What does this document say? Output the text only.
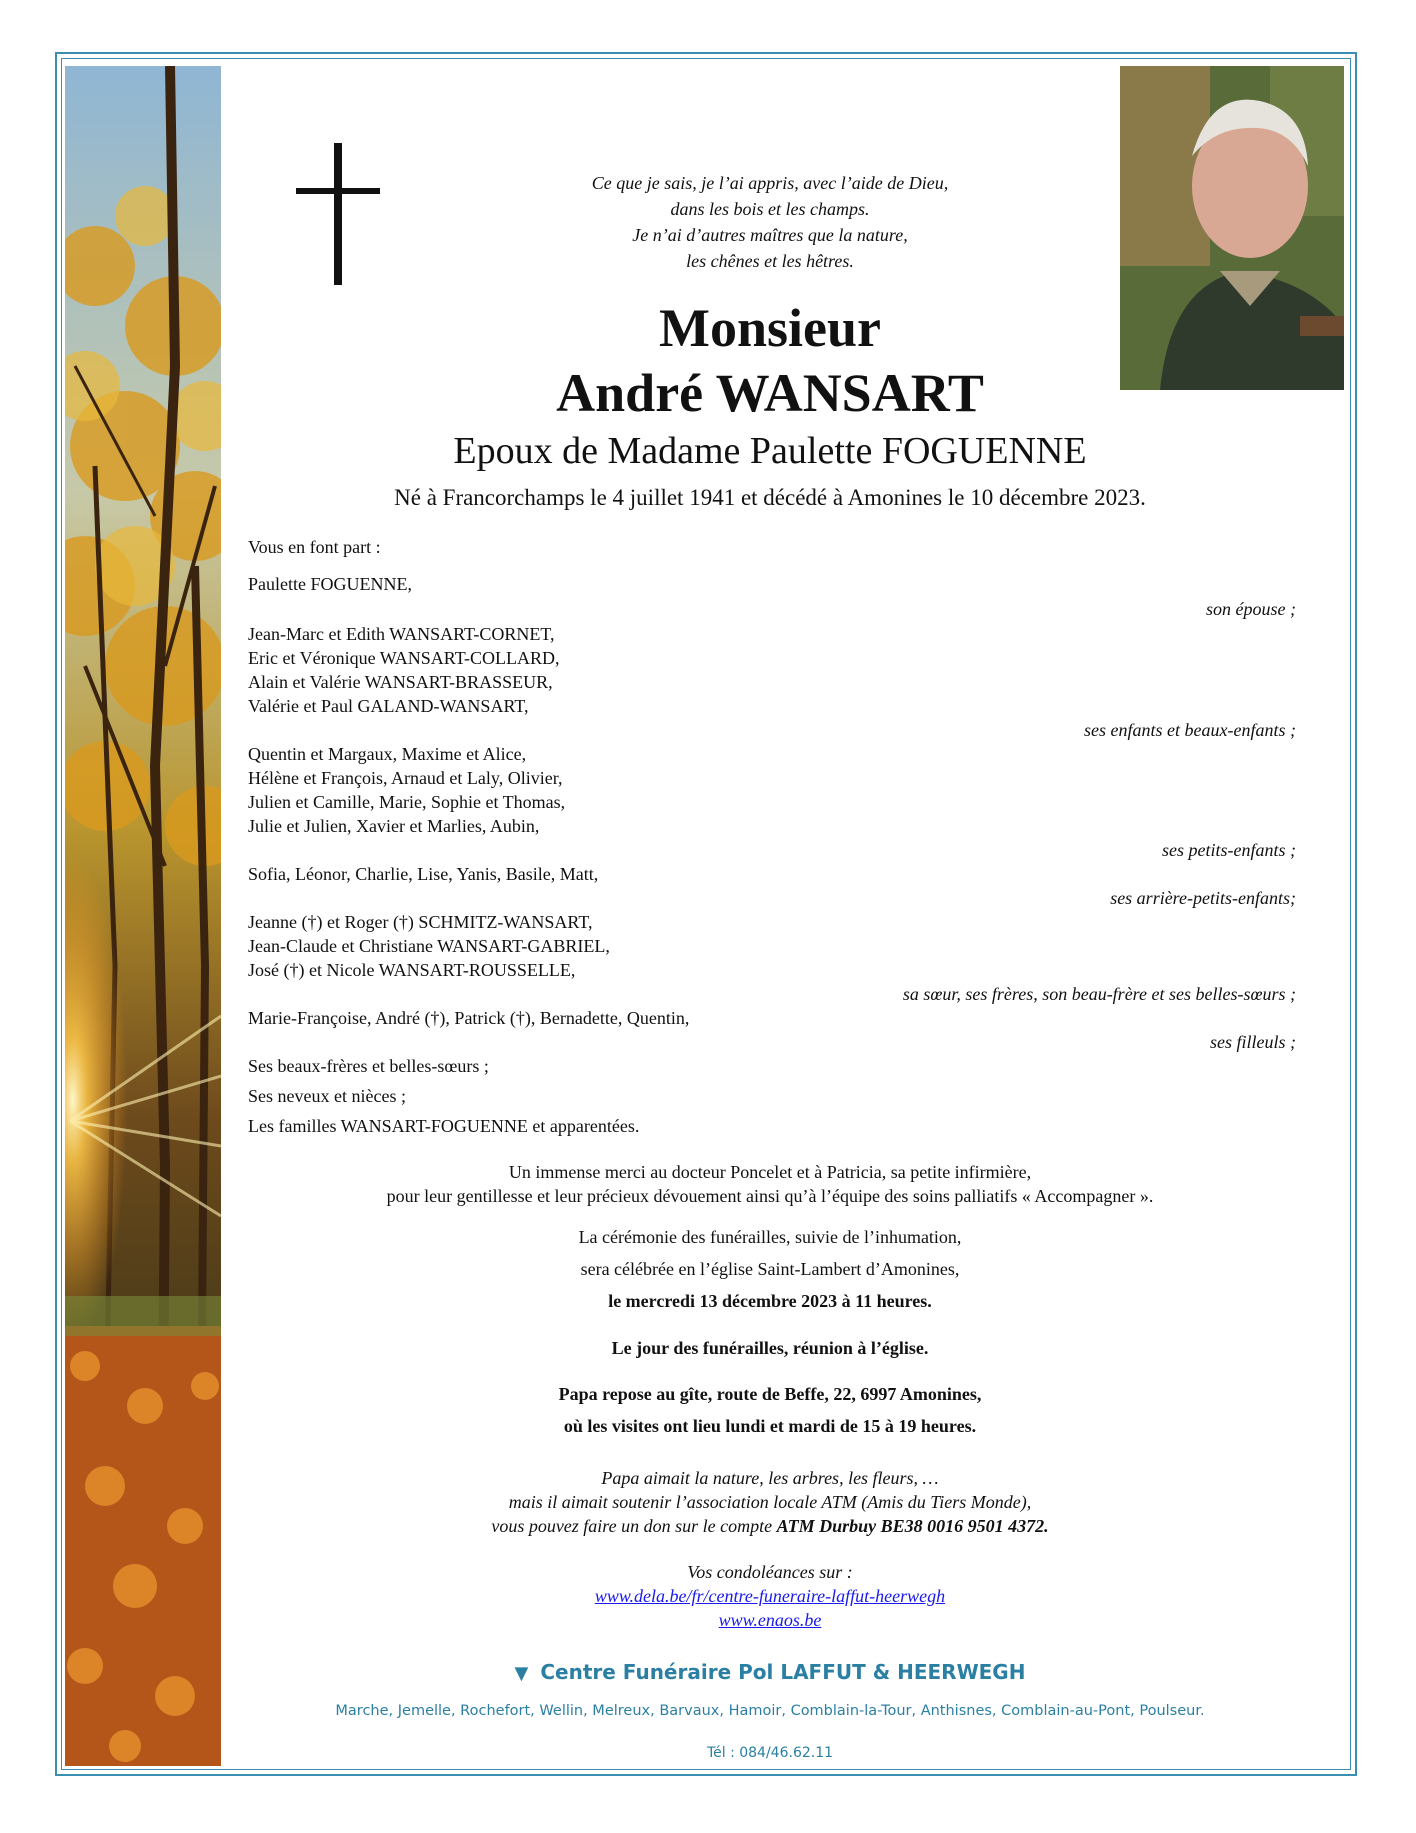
Ce que je sais, je l’ai appris, avec l’aide de Dieu,
dans les bois et les champs.
Je n’ai d’autres maîtres que la nature,
les chênes et les hêtres.
Monsieur
André WANSART
Epoux de Madame Paulette FOGUENNE
Né à Francorchamps le 4 juillet 1941 et décédé à Amonines le 10 décembre 2023.
Vous en font part :
Paulette FOGUENNE,
son épouse ;
Jean-Marc et Edith WANSART-CORNET,
Eric et Véronique WANSART-COLLARD,
Alain et Valérie WANSART-BRASSEUR,
Valérie et Paul GALAND-WANSART,
ses enfants et beaux-enfants ;
Quentin et Margaux, Maxime et Alice,
Hélène et François, Arnaud et Laly, Olivier,
Julien et Camille, Marie, Sophie et Thomas,
Julie et Julien, Xavier et Marlies, Aubin,
ses petits-enfants ;
Sofia, Léonor, Charlie, Lise, Yanis, Basile, Matt,
ses arrière-petits-enfants;
Jeanne (†) et Roger (†) SCHMITZ-WANSART,
Jean-Claude et Christiane WANSART-GABRIEL,
José (†) et Nicole WANSART-ROUSSELLE,
sa sœur, ses frères, son beau-frère et ses belles-sœurs ;
Marie-Françoise, André (†), Patrick (†), Bernadette, Quentin,
ses filleuls ;
Ses beaux-frères et belles-sœurs ;
Ses neveux et nièces ;
Les familles WANSART-FOGUENNE et apparentées.
Un immense merci au docteur Poncelet et à Patricia, sa petite infirmière,
pour leur gentillesse et leur précieux dévouement ainsi qu’à l’équipe des soins palliatifs « Accompagner ».
La cérémonie des funérailles, suivie de l’inhumation,
sera célébrée en l’église Saint-Lambert d’Amonines,
le mercredi 13 décembre 2023 à 11 heures.
Le jour des funérailles, réunion à l’église.
Papa repose au gîte, route de Beffe, 22, 6997 Amonines,
où les visites ont lieu lundi et mardi de 15 à 19 heures.
Papa aimait la nature, les arbres, les fleurs, …
mais il aimait soutenir l’association locale ATM (Amis du Tiers Monde),
vous pouvez faire un don sur le compte ATM Durbuy BE38 0016 9501 4372.
Vos condoléances sur :
www.dela.be/fr/centre-funeraire-laffut-heerwegh
www.enaos.be
▼ Centre Funéraire Pol LAFFUT & HEERWEGH
Marche, Jemelle, Rochefort, Wellin, Melreux, Barvaux, Hamoir, Comblain-la-Tour, Anthisnes, Comblain-au-Pont, Poulseur.
Tél : 084/46.62.11
